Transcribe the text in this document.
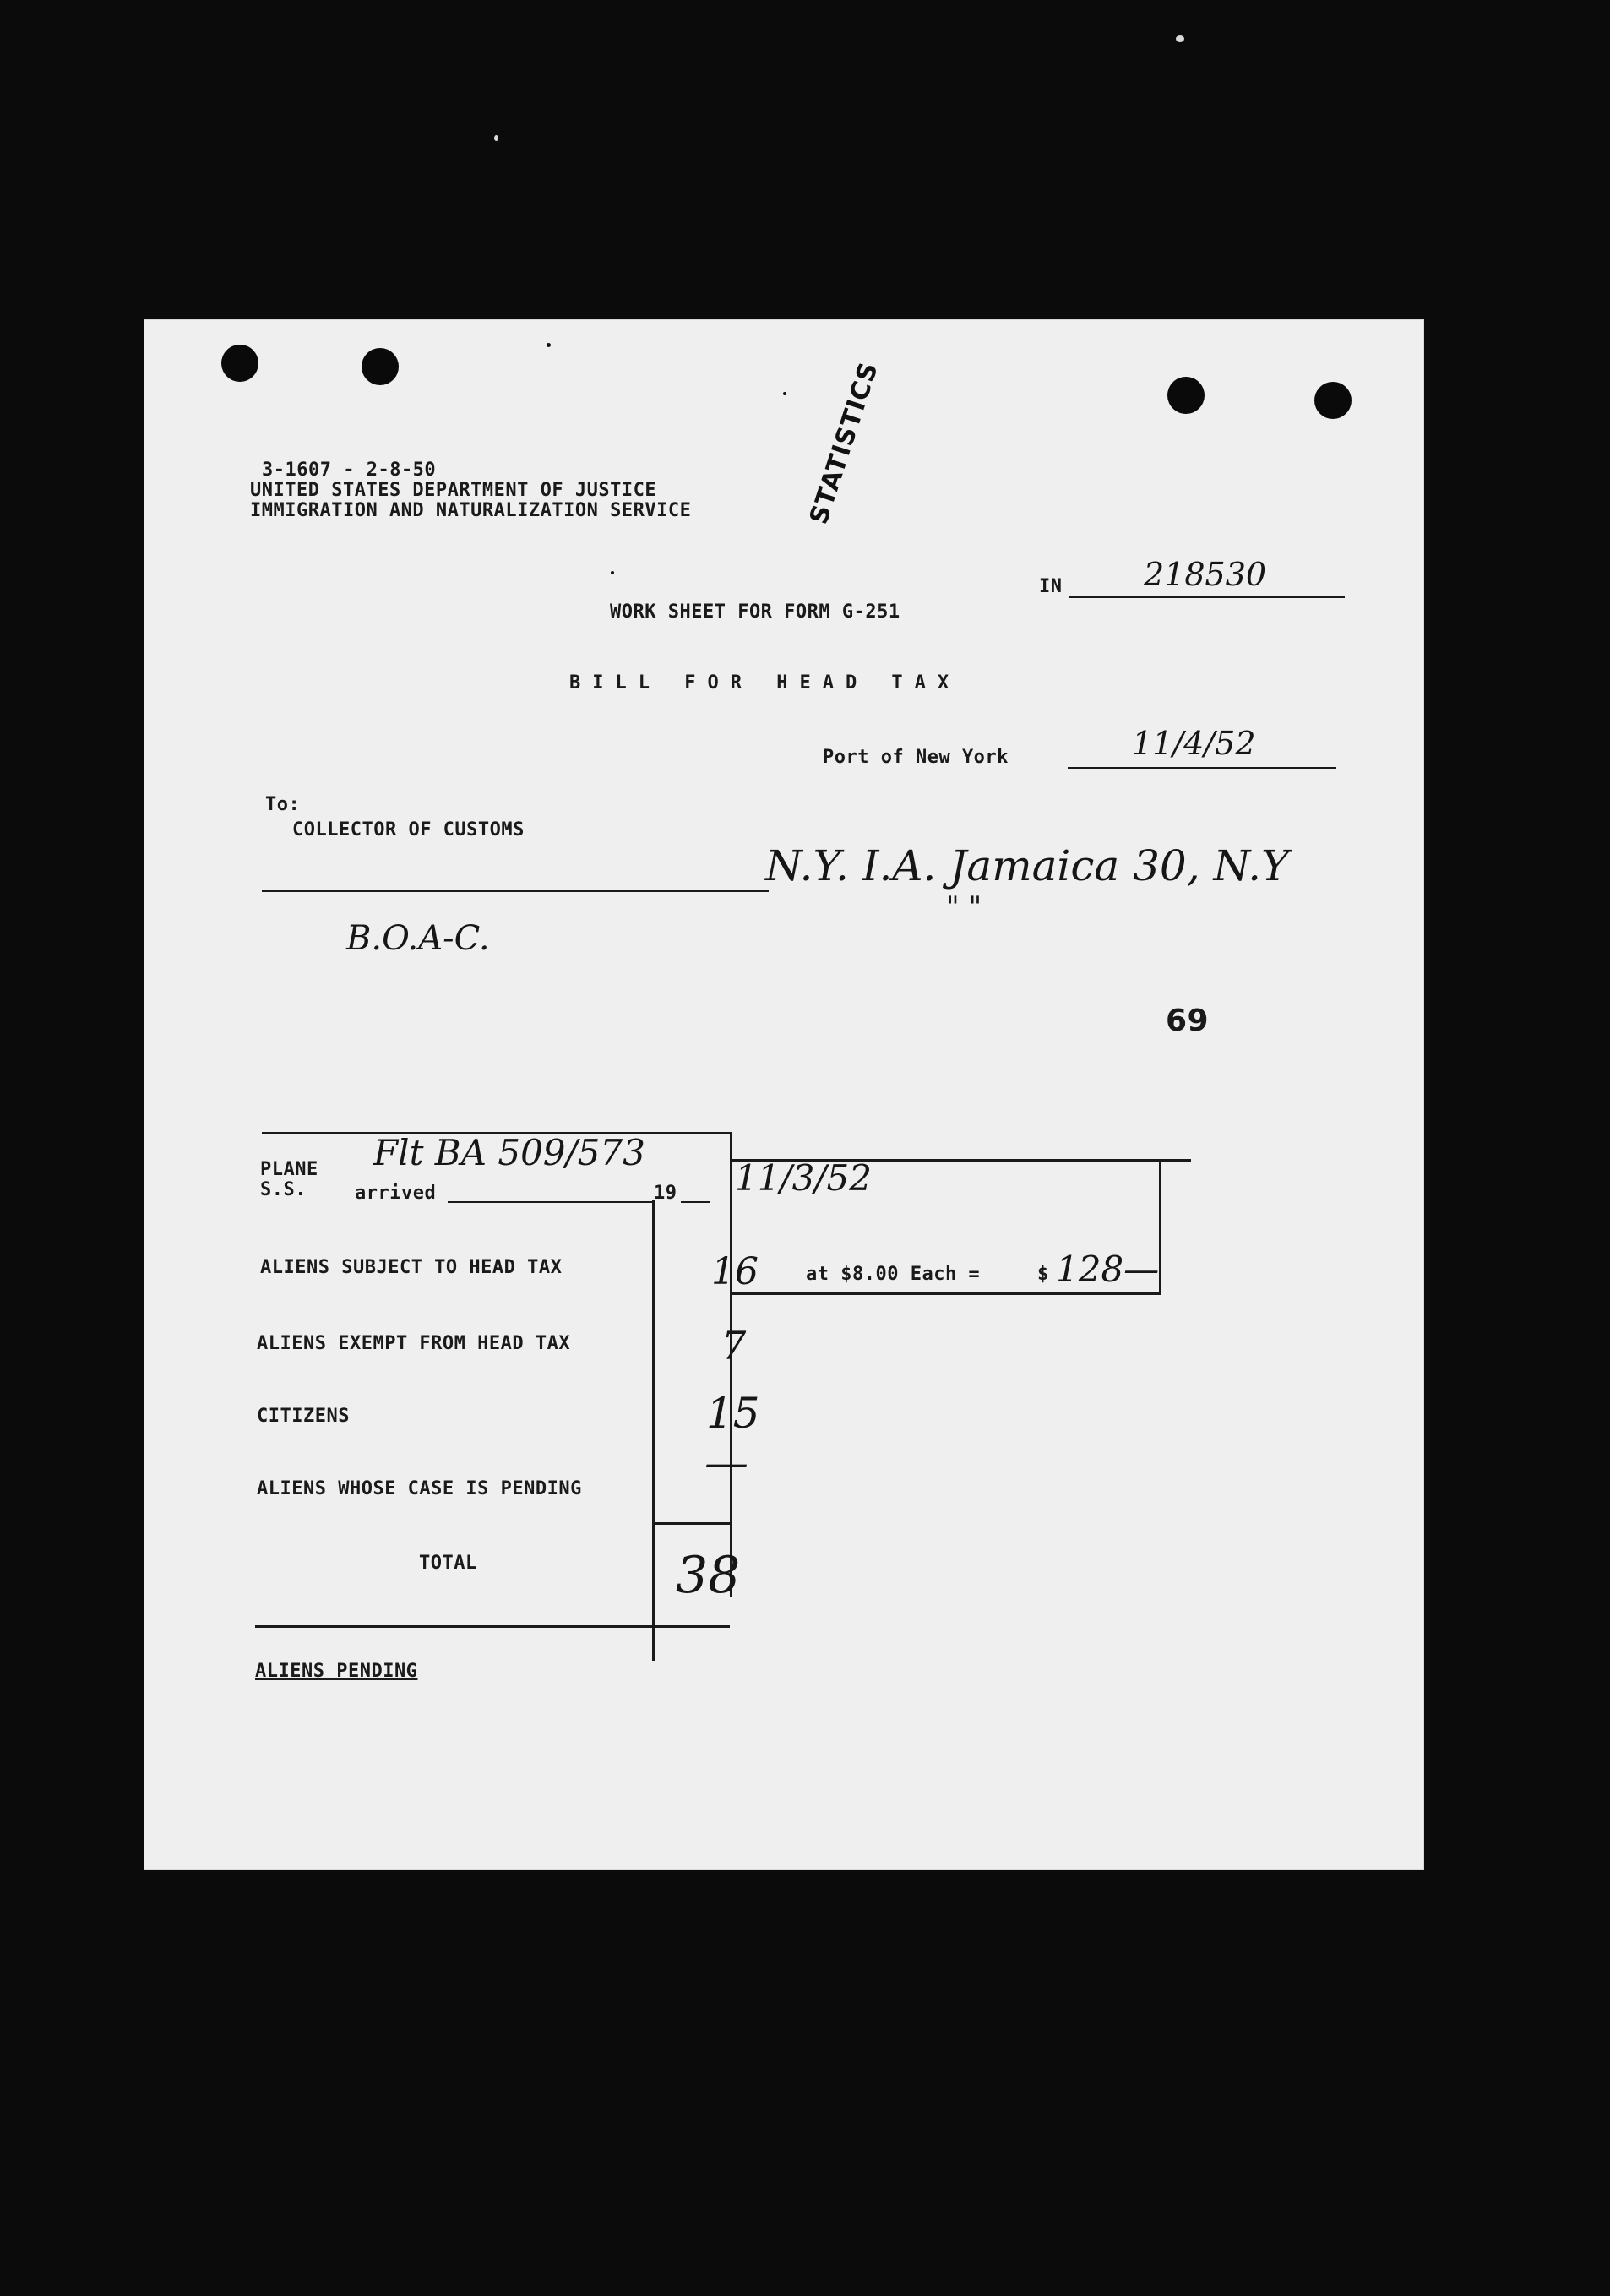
STATISTICS
3-1607 - 2-8-50
UNITED STATES DEPARTMENT OF JUSTICE
IMMIGRATION AND NATURALIZATION SERVICE
IN	218530
WORK SHEET FOR FORM G-251
BILL FOR HEAD TAX
Port of New York	11/4/52
To:
COLLECTOR OF CUSTOMS
N.Y. I.A. Jamaica 30, N.Y
" "
B.O.A-C.
69
PLANE
S.S.	arrived	19
Flt BA 509/573
11/3/52
ALIENS SUBJECT TO HEAD TAX	16	at $8.00 Each =	$ 128—
ALIENS EXEMPT FROM HEAD TAX	7
CITIZENS	15
ALIENS WHOSE CASE IS PENDING
—
TOTAL	38
ALIENS PENDING
